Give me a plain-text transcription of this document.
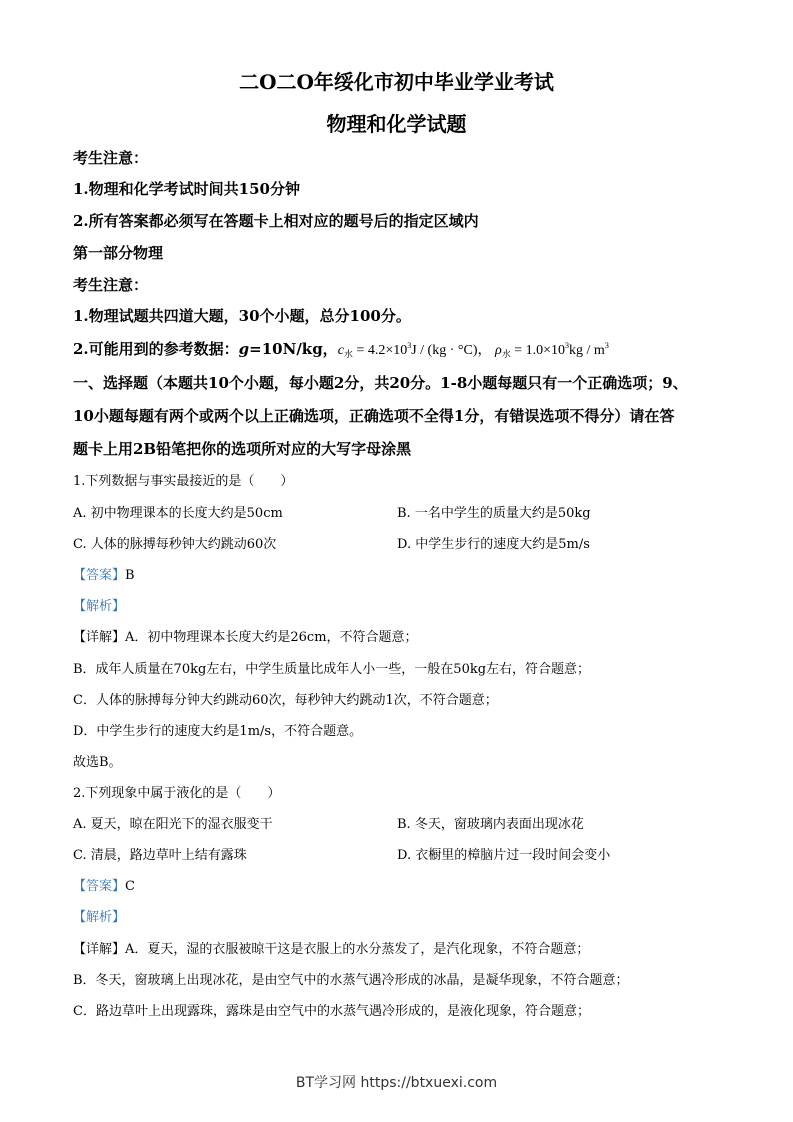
二O二O年绥化市初中毕业学业考试
物理和化学试题
考生注意：
1.物理和化学考试时间共150分钟
2.所有答案都必须写在答题卡上相对应的题号后的指定区域内
第一部分物理
考生注意：
1.物理试题共四道大题，30个小题，总分100分。
2.可能用到的参考数据：g=10N/kg，$c_水 = 4.2\times 10^3J / (kg \cdot ^\circ C)$， $\rho_水 = 1.0\times 10^3kg / m^3$
一、选择题（本题共10个小题，每小题2分，共20分。1-8小题每题只有一个正确选项；9、
10小题每题有两个或两个以上正确选项，正确选项不全得1分，有错误选项不得分）请在答
题卡上用2B铅笔把你的选项所对应的大写字母涂黑
1.下列数据与事实最接近的是（　　）
A. 初中物理课本的长度大约是50cm	B. 一名中学生的质量大约是50kg
C. 人体的脉搏每秒钟大约跳动60次	D. 中学生步行的速度大约是5m/s
【答案】B
【解析】
【详解】A．初中物理课本长度大约是26cm，不符合题意；
B．成年人质量在70kg左右，中学生质量比成年人小一些，一般在50kg左右，符合题意；
C．人体的脉搏每分钟大约跳动60次，每秒钟大约跳动1次，不符合题意；
D．中学生步行的速度大约是1m/s，不符合题意。
故选B。
2.下列现象中属于液化的是（　　）
A. 夏天，晾在阳光下的湿衣服变干	B. 冬天，窗玻璃内表面出现冰花
C. 清晨，路边草叶上结有露珠	D. 衣橱里的樟脑片过一段时间会变小
【答案】C
【解析】
【详解】A．夏天，湿的衣服被晾干这是衣服上的水分蒸发了，是汽化现象，不符合题意；
B．冬天，窗玻璃上出现冰花，是由空气中的水蒸气遇冷形成的冰晶，是凝华现象，不符合题意；
C．路边草叶上出现露珠，露珠是由空气中的水蒸气遇冷形成的，是液化现象，符合题意；
BT学习网 https://btxuexi.com
